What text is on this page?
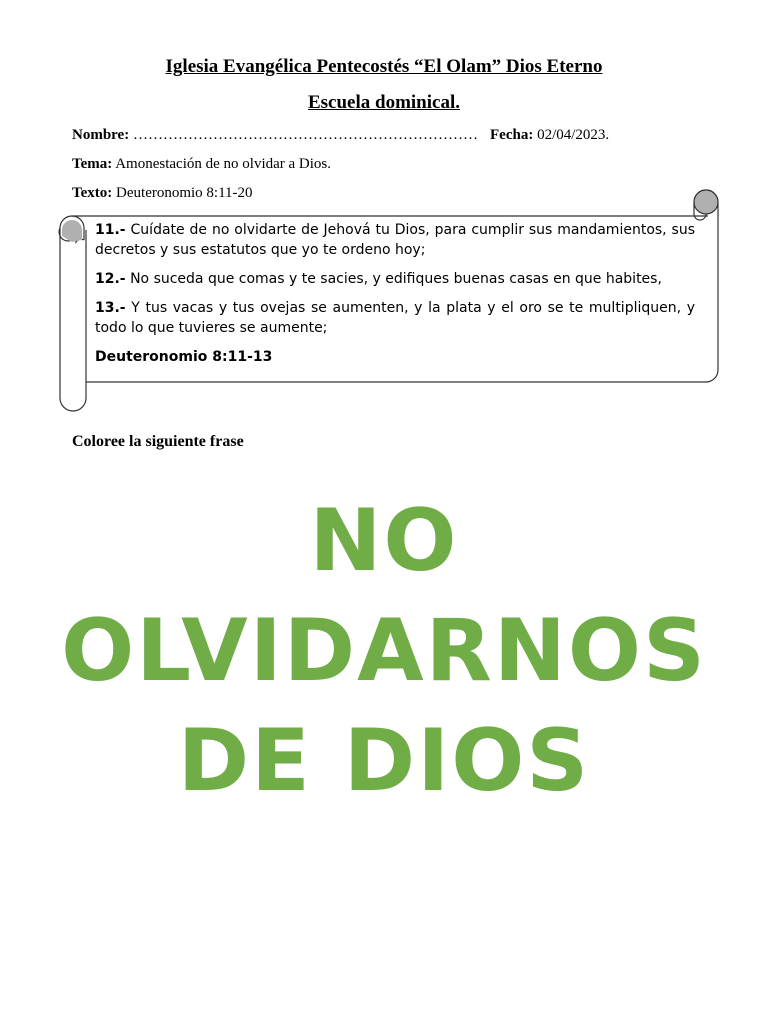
Iglesia Evangélica Pentecostés “El Olam” Dios Eterno
Escuela dominical.
Nombre: …………………………………………………………… Fecha: 02/04/2023.
Tema: Amonestación de no olvidar a Dios.
Texto: Deuteronomio 8:11-20

11.- Cuídate de no olvidarte de Jehová tu Dios, para cumplir sus mandamientos, sus decretos y sus estatutos que yo te ordeno hoy;

12.- No suceda que comas y te sacies, y edifiques buenas casas en que habites,

13.- Y tus vacas y tus ovejas se aumenten, y la plata y el oro se te multipliquen, y todo lo que tuvieres se aumente;

Deuteronomio 8:11-13

Coloree la siguiente frase
NO
OLVIDARNOS
DE DIOS
